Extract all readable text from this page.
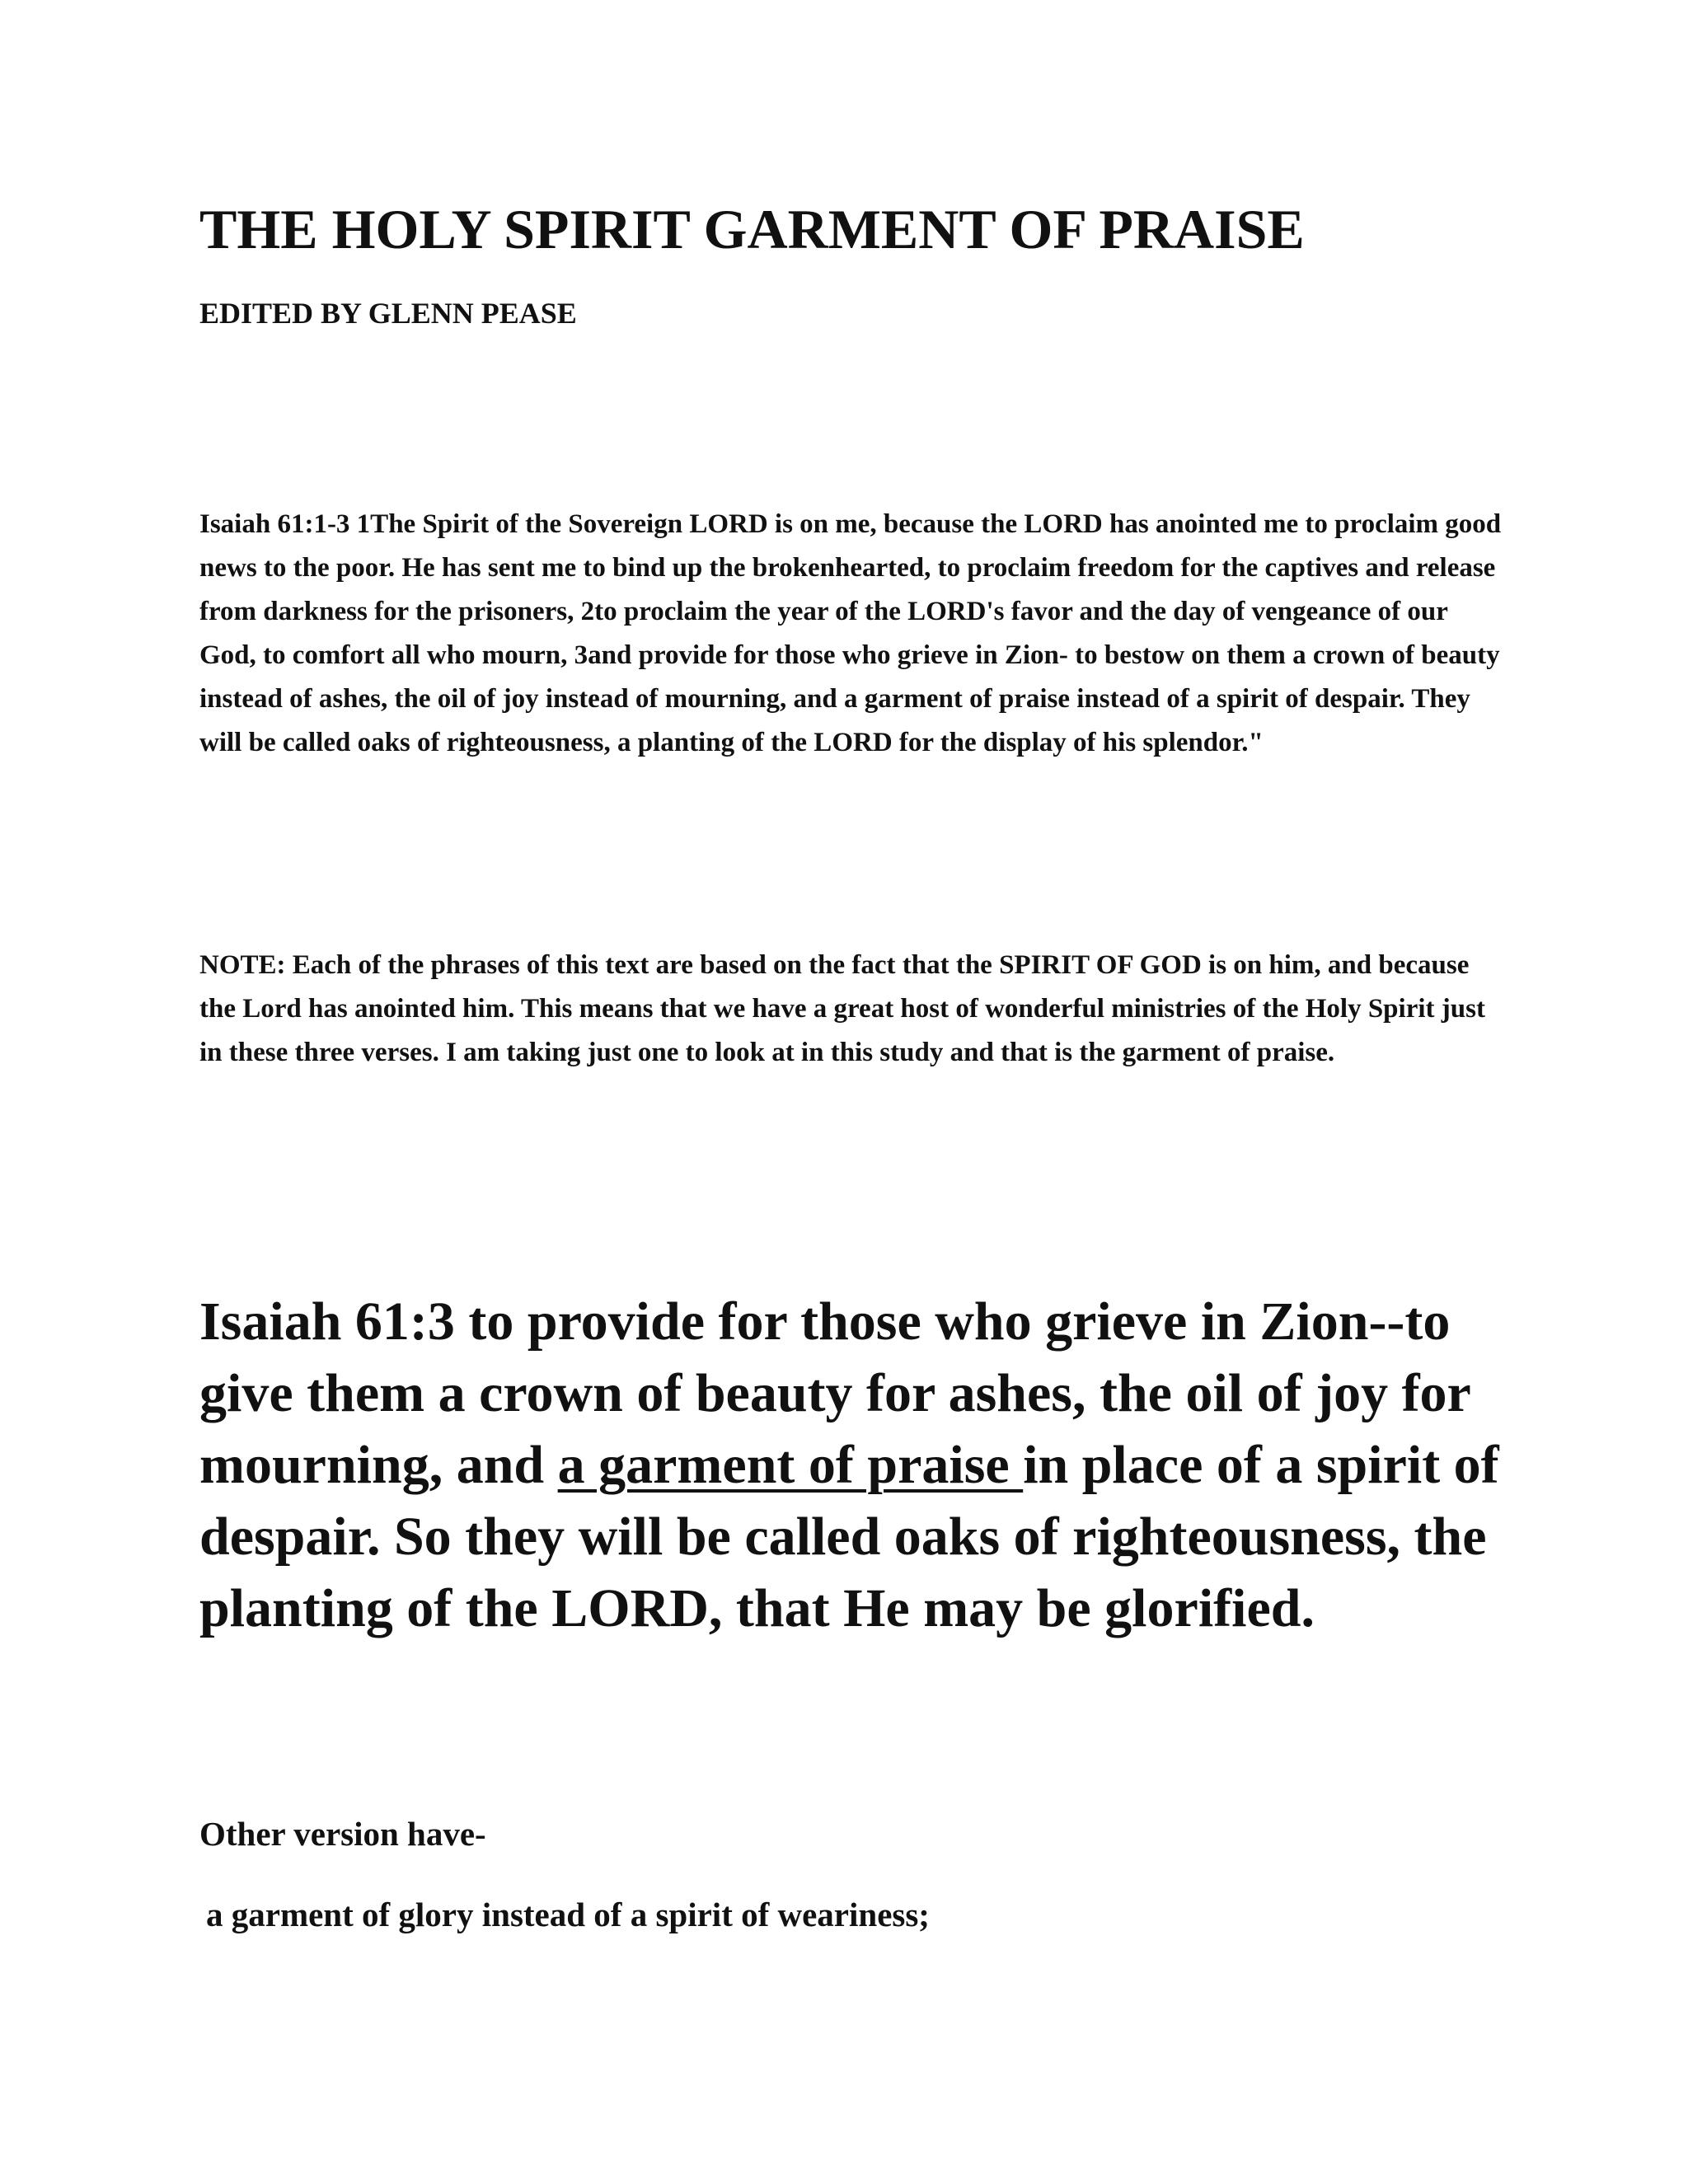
THE HOLY SPIRIT GARMENT OF PRAISE

EDITED BY GLENN PEASE

Isaiah 61:1-3 1The Spirit of the Sovereign LORD is on me, because the LORD has anointed me to proclaim good news to the poor. He has sent me to bind up the brokenhearted, to proclaim freedom for the captives and release from darkness for the prisoners, 2to proclaim the year of the LORD's favor and the day of vengeance of our God, to comfort all who mourn, 3and provide for those who grieve in Zion- to bestow on them a crown of beauty instead of ashes, the oil of joy instead of mourning, and a garment of praise instead of a spirit of despair. They will be called oaks of righteousness, a planting of the LORD for the display of his splendor."

NOTE: Each of the phrases of this text are based on the fact that the SPIRIT OF GOD is on him, and because the Lord has anointed him. This means that we have a great host of wonderful ministries of the Holy Spirit just in these three verses. I am taking just one to look at in this study and that is the garment of praise.

Isaiah 61:3 to provide for those who grieve in Zion--to give them a crown of beauty for ashes, the oil of joy for mourning, and a garment of praise in place of a spirit of despair. So they will be called oaks of righteousness, the planting of the LORD, that He may be glorified.

Other version have-

a garment of glory instead of a spirit of weariness;
